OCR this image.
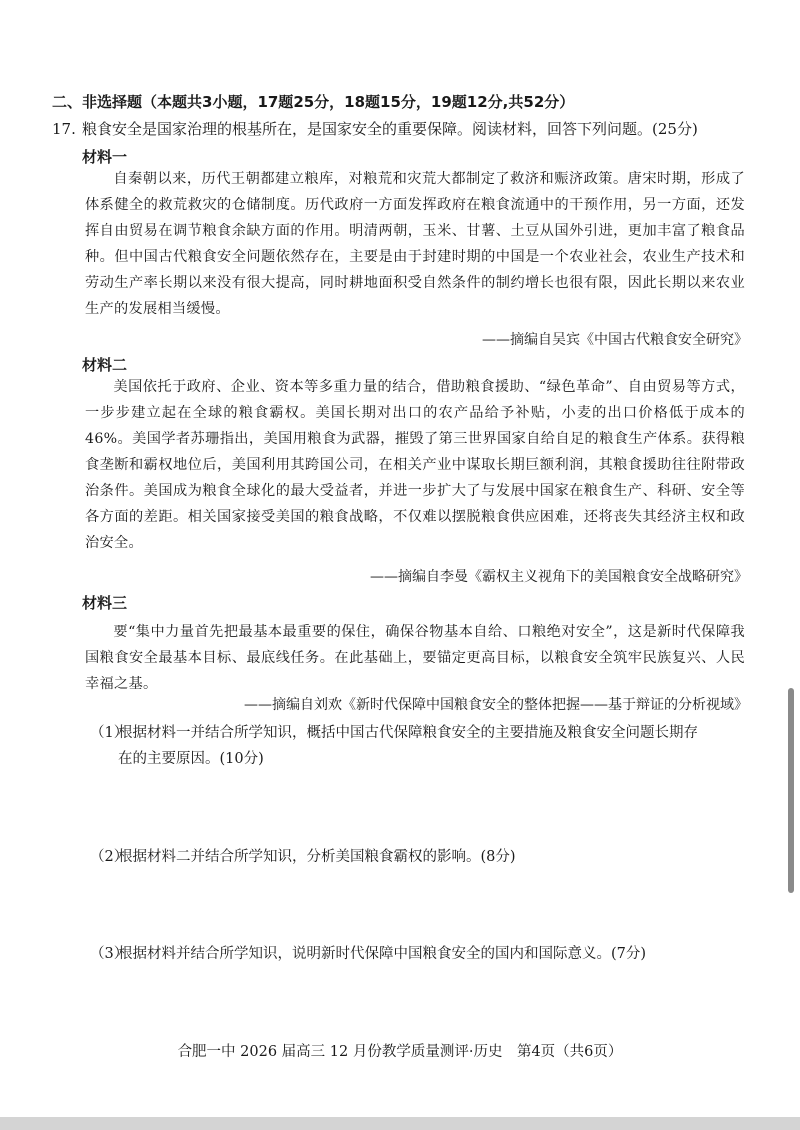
二、非选择题（本题共3小题，17题25分，18题15分，19题12分,共52分）
17. 粮食安全是国家治理的根基所在，是国家安全的重要保障。阅读材料，回答下列问题。(25分)
材料一
自秦朝以来，历代王朝都建立粮库，对粮荒和灾荒大都制定了救济和赈济政策。唐宋时期，形成了体系健全的救荒救灾的仓储制度。历代政府一方面发挥政府在粮食流通中的干预作用，另一方面，还发挥自由贸易在调节粮食余缺方面的作用。明清两朝，玉米、甘薯、土豆从国外引进，更加丰富了粮食品种。但中国古代粮食安全问题依然存在，主要是由于封建时期的中国是一个农业社会，农业生产技术和劳动生产率长期以来没有很大提高，同时耕地面积受自然条件的制约增长也很有限，因此长期以来农业生产的发展相当缓慢。
——摘编自吴宾《中国古代粮食安全研究》
材料二
美国依托于政府、企业、资本等多重力量的结合，借助粮食援助、“绿色革命”、自由贸易等方式，一步步建立起在全球的粮食霸权。美国长期对出口的农产品给予补贴，小麦的出口价格低于成本的 46%。美国学者苏珊指出，美国用粮食为武器，摧毁了第三世界国家自给自足的粮食生产体系。获得粮食垄断和霸权地位后，美国利用其跨国公司，在相关产业中谋取长期巨额利润，其粮食援助往往附带政治条件。美国成为粮食全球化的最大受益者，并进一步扩大了与发展中国家在粮食生产、科研、安全等各方面的差距。相关国家接受美国的粮食战略，不仅难以摆脱粮食供应困难，还将丧失其经济主权和政治安全。
——摘编自李曼《霸权主义视角下的美国粮食安全战略研究》
材料三
要“集中力量首先把最基本最重要的保住，确保谷物基本自给、口粮绝对安全”，这是新时代保障我国粮食安全最基本目标、最底线任务。在此基础上，要锚定更高目标，以粮食安全筑牢民族复兴、人民幸福之基。
——摘编自刘欢《新时代保障中国粮食安全的整体把握——基于辩证的分析视域》
（1）根据材料一并结合所学知识，概括中国古代保障粮食安全的主要措施及粮食安全问题长期存
在的主要原因。(10分)
（2）根据材料二并结合所学知识，分析美国粮食霸权的影响。(8分)
（3）根据材料并结合所学知识，说明新时代保障中国粮食安全的国内和国际意义。(7分)
合肥一中 2026 届高三 12 月份教学质量测评·历史　第4页（共6页）
